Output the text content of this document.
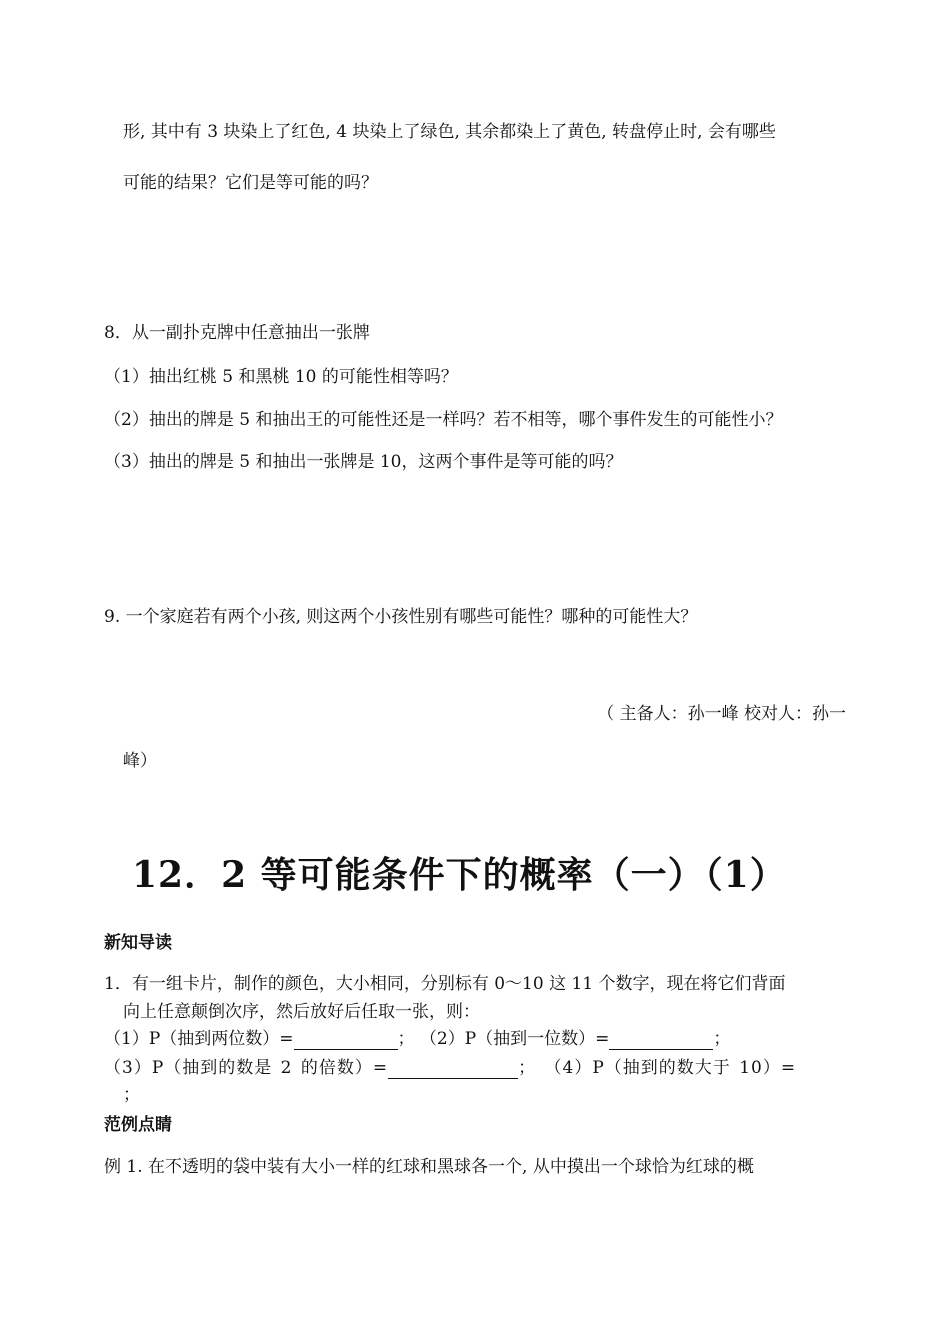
形, 其中有 3 块染上了红色, 4 块染上了绿色, 其余都染上了黄色, 转盘停止时, 会有哪些
可能的结果？它们是等可能的吗？
8．从一副扑克牌中任意抽出一张牌
（1）抽出红桃 5 和黑桃 10 的可能性相等吗？
（2）抽出的牌是 5 和抽出王的可能性还是一样吗？若不相等，哪个事件发生的可能性小？
（3）抽出的牌是 5 和抽出一张牌是 10，这两个事件是等可能的吗？
9. 一个家庭若有两个小孩, 则这两个小孩性别有哪些可能性？哪种的可能性大？
（ 主备人：孙一峰 校对人：孙一
峰）
12．2 等可能条件下的概率（一）（1）
新知导读
1．有一组卡片，制作的颜色，大小相同，分别标有 0～10 这 11 个数字，现在将它们背面
向上任意颠倒次序，然后放好后任取一张，则：
（1）P（抽到两位数）=	； （2）P（抽到一位数）=	；
（3）P（抽到的数是 2 的倍数）=	； （4）P（抽到的数大于 10）=
；
范例点睛
例 1. 在不透明的袋中装有大小一样的红球和黑球各一个, 从中摸出一个球恰为红球的概
